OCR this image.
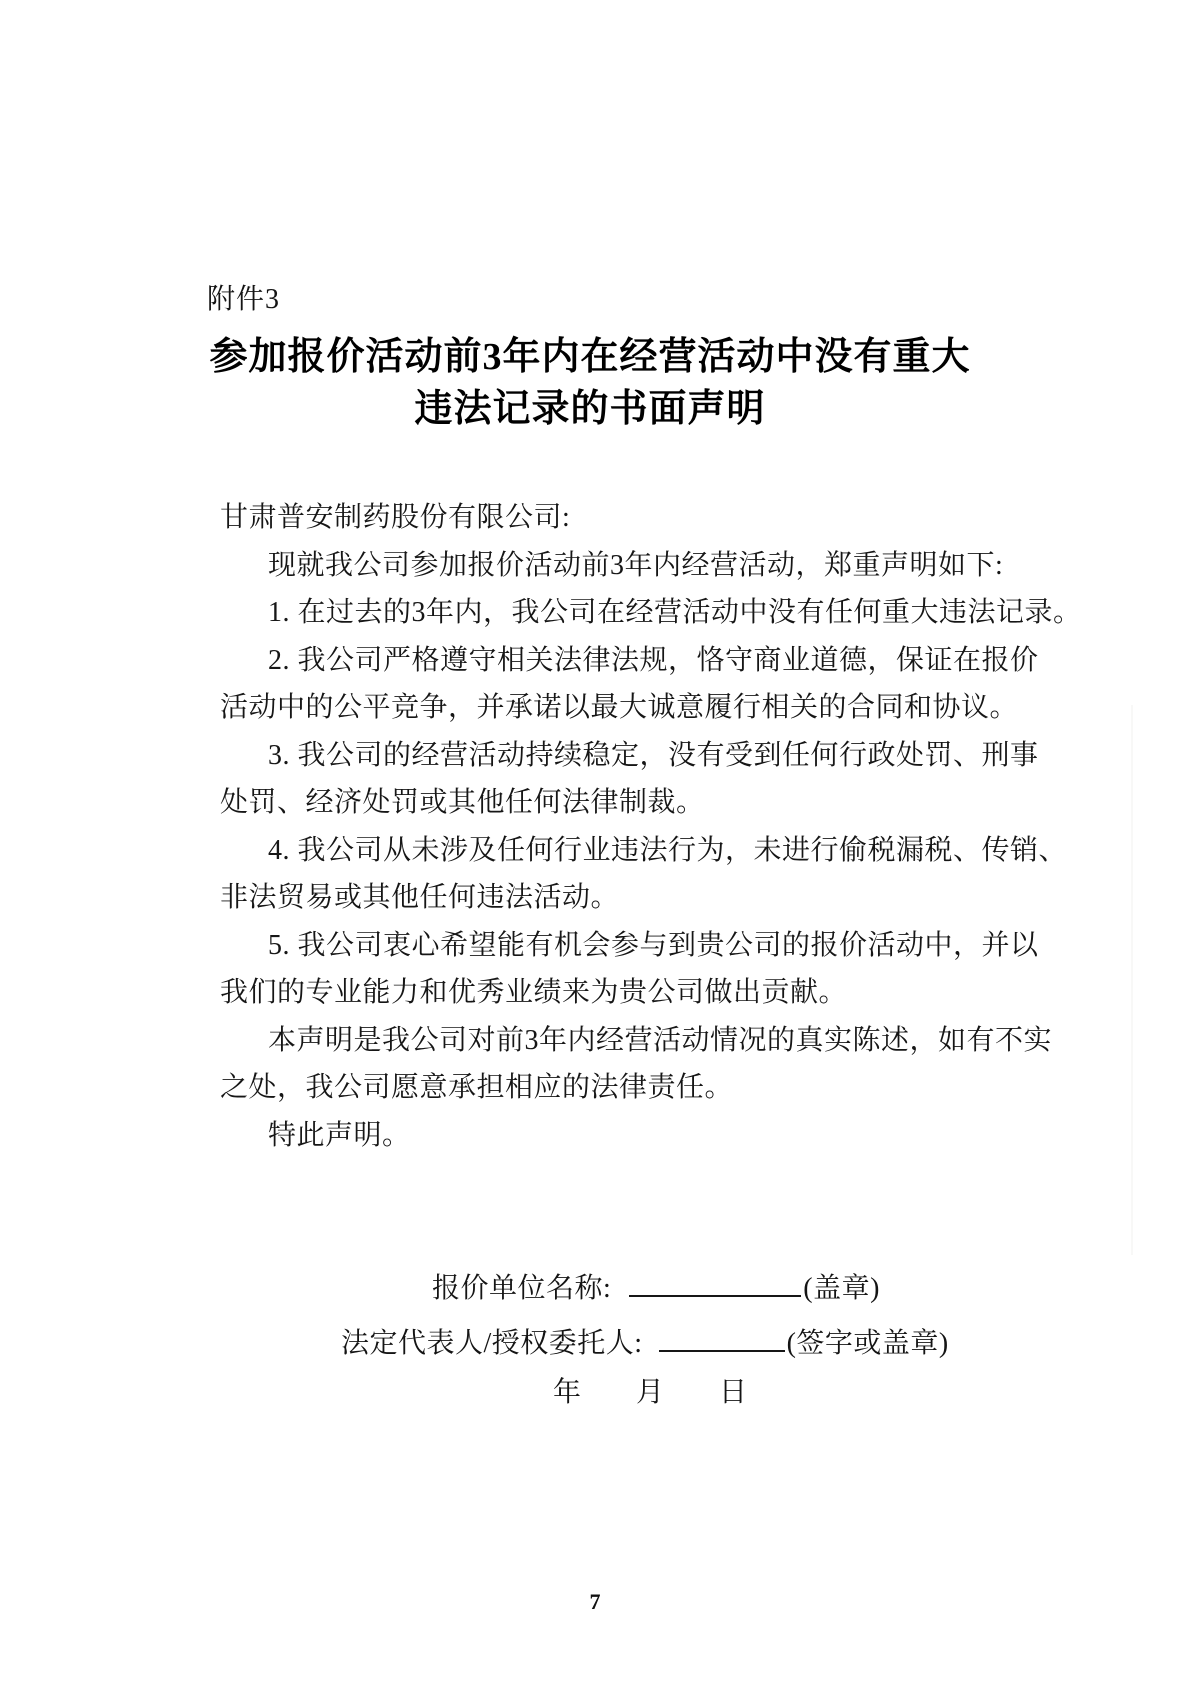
附件3
参加报价活动前3年内在经营活动中没有重大
违法记录的书面声明
甘肃普安制药股份有限公司:
现就我公司参加报价活动前3年内经营活动，郑重声明如下:
1. 在过去的3年内，我公司在经营活动中没有任何重大违法记录。
2. 我公司严格遵守相关法律法规，恪守商业道德，保证在报价
活动中的公平竞争，并承诺以最大诚意履行相关的合同和协议。
3. 我公司的经营活动持续稳定，没有受到任何行政处罚、刑事
处罚、经济处罚或其他任何法律制裁。
4. 我公司从未涉及任何行业违法行为，未进行偷税漏税、传销、
非法贸易或其他任何违法活动。
5. 我公司衷心希望能有机会参与到贵公司的报价活动中，并以
我们的专业能力和优秀业绩来为贵公司做出贡献。
本声明是我公司对前3年内经营活动情况的真实陈述，如有不实
之处，我公司愿意承担相应的法律责任。
特此声明。
报价单位名称:	(盖章)
法定代表人/授权委托人:	(签字或盖章)
年 月 日
7
